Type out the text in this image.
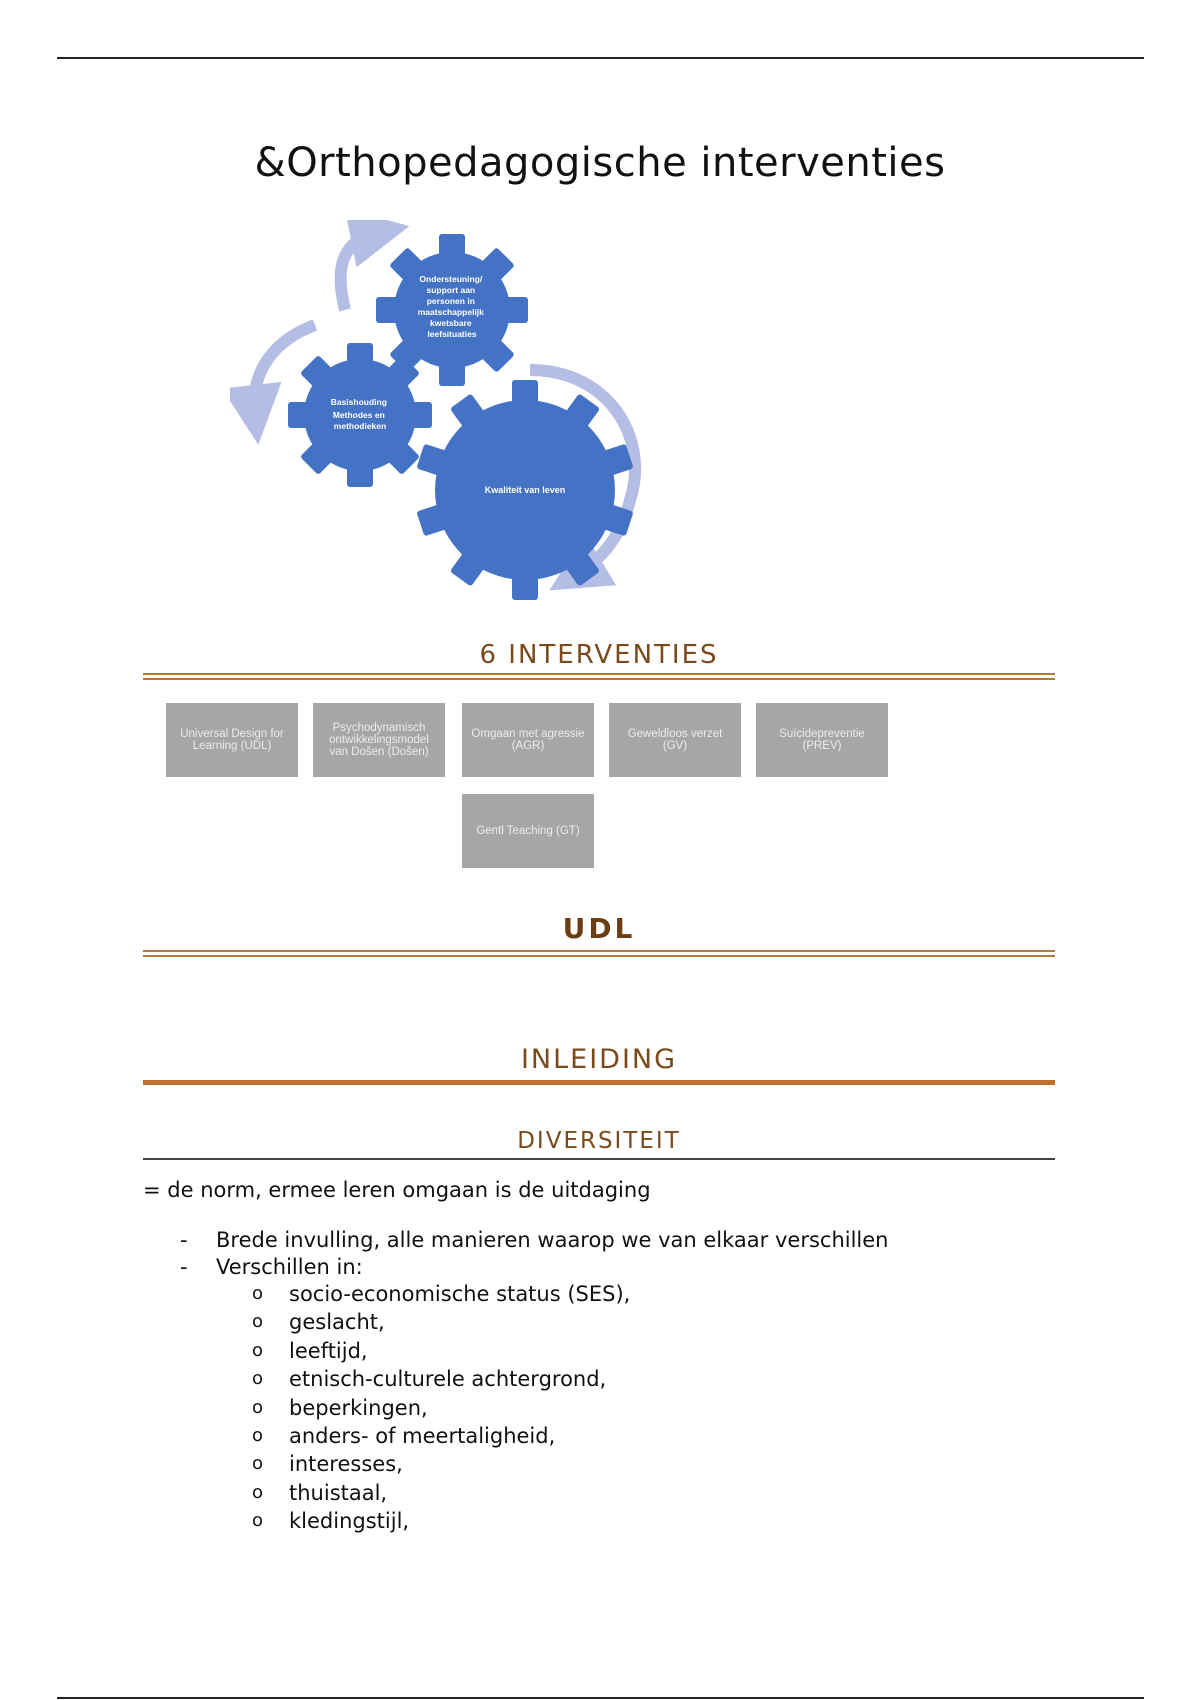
&Orthopedagogische interventies
Ondersteuning/ support aan personen in maatschappelijk kwetsbare leefsituaties
Basishouding Methodes en methodieken
Kwaliteit van leven
6 INTERVENTIES
Universal Design for Learning (UDL)
Psychodynamisch ontwikkelingsmodel van Došen (Došen)
Omgaan met agressie (AGR)
Geweldloos verzet (GV)
Suïcidepreventie (PREV)
Gentl Teaching (GT)
UDL
INLEIDING
DIVERSITEIT
= de norm, ermee leren omgaan is de uitdaging
- Brede invulling, alle manieren waarop we van elkaar verschillen
- Verschillen in:
o socio-economische status (SES),
o geslacht,
o leeftijd,
o etnisch-culturele achtergrond,
o beperkingen,
o anders- of meertaligheid,
o interesses,
o thuistaal,
o kledingstijl,
